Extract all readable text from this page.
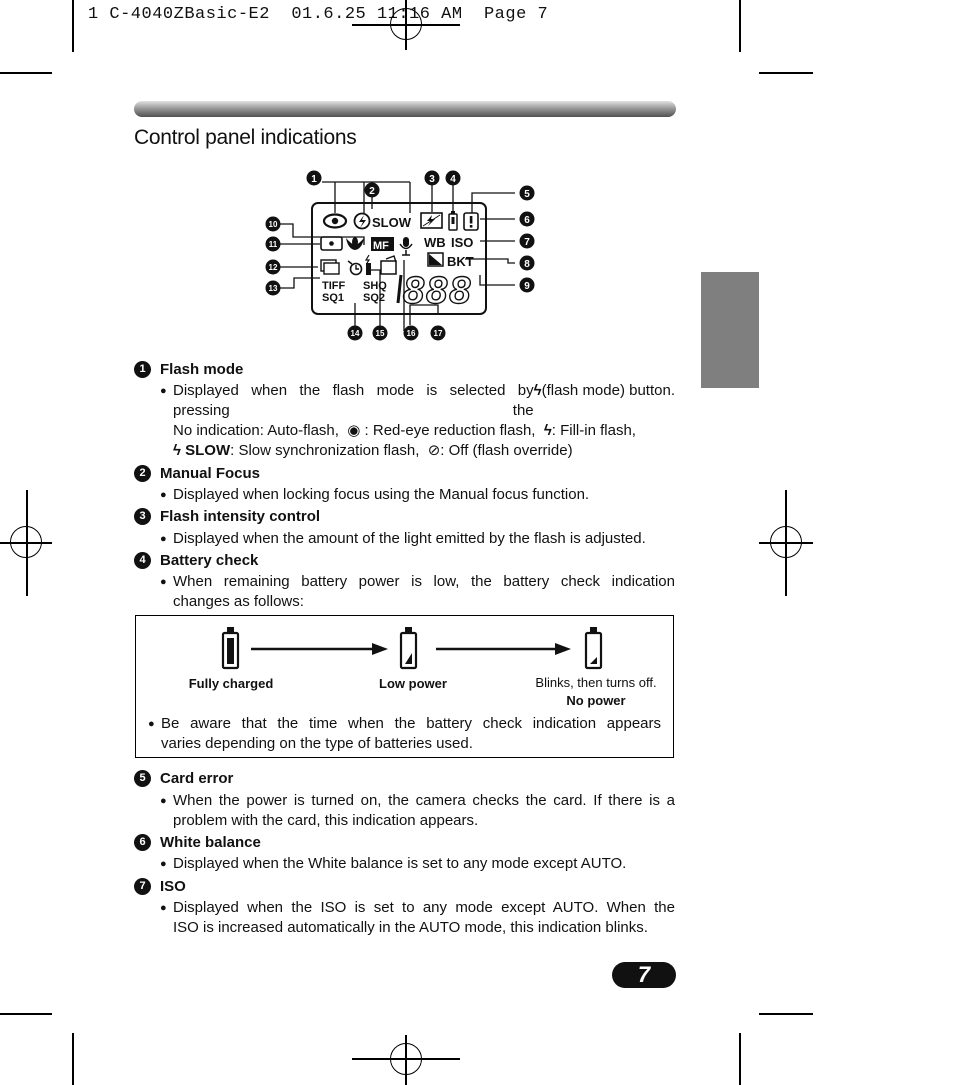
1 C-4040ZBasic-E2  01.6.25 11:16 AM  Page 7
Control panel indications
1
2
3 4
5
6
7
8
9
10
11
12
13
14 15	16 17
SLOW
MF	WB ISO
BKT
TIFF SHQ
SQ1 SQ2 888
1 Flash mode
● Displayed when the flash mode is selected by pressing the
ϟ (flash mode) button.
No indication: Auto-flash,  ◉ : Red-eye reduction flash,  ϟ: Fill-in flash,
ϟ SLOW: Slow synchronization flash,  ⊘: Off (flash override)
2 Manual Focus
● Displayed when locking focus using the Manual focus function.
3 Flash intensity control
● Displayed when the amount of the light emitted by the flash is adjusted.
4 Battery check
● When remaining battery power is low, the battery check indication
changes as follows:
Fully charged	Low power	Blinks, then turns off.
No power
● Be aware that the time when the battery check indication appears
varies depending on the type of batteries used.
5 Card error
● When the power is turned on, the camera checks the card. If there is a
problem with the card, this indication appears.
6 White balance
● Displayed when the White balance is set to any mode except AUTO.
7 ISO
● Displayed when the ISO is set to any mode except AUTO. When the
ISO is increased automatically in the AUTO mode, this indication blinks.
7
